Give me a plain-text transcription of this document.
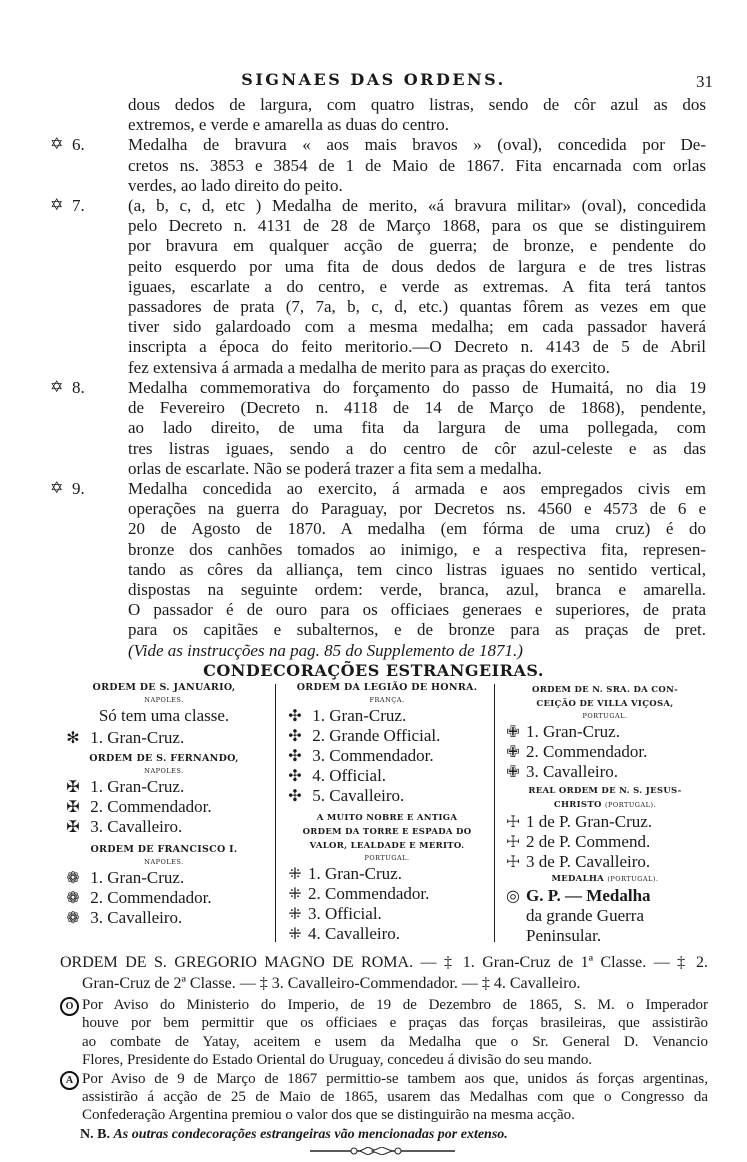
SIGNAES DAS ORDENS.	31
dous dedos de largura, com quatro listras, sendo de côr azul as dos
extremos, e verde e amarella as duas do centro.
✡ 6.	Medalha de bravura « aos mais bravos » (oval), concedida por De-
cretos ns. 3853 e 3854 de 1 de Maio de 1867. Fita encarnada com orlas
verdes, ao lado direito do peito.
✡ 7.	(a, b, c, d, etc ) Medalha de merito, «á bravura militar» (oval), concedida
pelo Decreto n. 4131 de 28 de Março 1868, para os que se distinguirem
por bravura em qualquer acção de guerra; de bronze, e pendente do
peito esquerdo por uma fita de dous dedos de largura e de tres listras
iguaes, escarlate a do centro, e verde as extremas. A fita terá tantos
passadores de prata (7, 7a, b, c, d, etc.) quantas fôrem as vezes em que
tiver sido galardoado com a mesma medalha; em cada passador haverá
inscripta a época do feito meritorio.—O Decreto n. 4143 de 5 de Abril
fez extensiva á armada a medalha de merito para as praças do exercito.
✡ 8.	Medalha commemorativa do forçamento do passo de Humaitá, no dia 19
de Fevereiro (Decreto n. 4118 de 14 de Março de 1868), pendente,
ao lado direito, de uma fita da largura de uma pollegada, com
tres listras iguaes, sendo a do centro de côr azul-celeste e as das
orlas de escarlate. Não se poderá trazer a fita sem a medalha.
✡ 9.	Medalha concedida ao exercito, á armada e aos empregados civis em
operações na guerra do Paraguay, por Decretos ns. 4560 e 4573 de 6 e
20 de Agosto de 1870. A medalha (em fórma de uma cruz) é do
bronze dos canhões tomados ao inimigo, e a respectiva fita, represen-
tando as côres da alliança, tem cinco listras iguaes no sentido vertical,
dispostas na seguinte ordem: verde, branca, azul, branca e amarella.
O passador é de ouro para os officiaes generaes e superiores, de prata
para os capitães e subalternos, e de bronze para as praças de pret.
(Vide as instrucções na pag. 85 do Supplemento de 1871.)
CONDECORAÇÕES ESTRANGEIRAS.
ORDEM DE S. JANUARIO,
NAPOLES.
Só tem uma classe.
✻ 1. Gran-Cruz.
ORDEM DE S. FERNANDO,
NAPOLES.
✠ 1. Gran-Cruz.
✠ 2. Commendador.
✠ 3. Cavalleiro.
ORDEM DE FRANCISCO I.
NAPOLES.
❁ 1. Gran-Cruz.
❁ 2. Commendador.
❁ 3. Cavalleiro.
ORDEM DA LEGIÃO DE HONRA.
FRANÇA.
✣ 1. Gran-Cruz.
✣ 2. Grande Official.
✣ 3. Commendador.
✣ 4. Official.
✣ 5. Cavalleiro.
A MUITO NOBRE E ANTIGA
ORDEM DA TORRE E ESPADA DO
VALOR, LEALDADE E MERITO.
PORTUGAL.
⁜ 1. Gran-Cruz.
⁜ 2. Commendador.
⁜ 3. Official.
⁜ 4. Cavalleiro.
ORDEM DE N. SRA. DA CON-
CEIÇÃO DE VILLA VIÇOSA,
PORTUGAL.
✙ 1. Gran-Cruz.
✙ 2. Commendador.
✙ 3. Cavalleiro.
REAL ORDEM DE N. S. JESUS-
CHRISTO (PORTUGAL).
☩ 1 de P. Gran-Cruz.
☩ 2 de P. Commend.
☩ 3 de P. Cavalleiro.
MEDALHA (PORTUGAL).
◎ G. P. — Medalha
da grande Guerra
Peninsular.
ORDEM DE S. GREGORIO MAGNO DE ROMA. — ‡ 1. Gran-Cruz de 1ª Classe. — ‡ 2.
Gran-Cruz de 2ª Classe. — ‡ 3. Cavalleiro-Commendador. — ‡ 4. Cavalleiro.
O Por Aviso do Ministerio do Imperio, de 19 de Dezembro de 1865, S. M. o Imperador
houve por bem permittir que os officiaes e praças das forças brasileiras, que assistirão
ao combate de Yatay, aceitem e usem da Medalha que o Sr. General D. Venancio
Flores, Presidente do Estado Oriental do Uruguay, concedeu á divisão do seu mando.
A Por Aviso de 9 de Março de 1867 permittio-se tambem aos que, unidos ás forças argentinas,
assistirão á acção de 25 de Maio de 1865, usarem das Medalhas com que o Congresso da
Confederação Argentina premiou o valor dos que se distinguirão na mesma acção.
N. B. As outras condecorações estrangeiras vão mencionadas por extenso.
